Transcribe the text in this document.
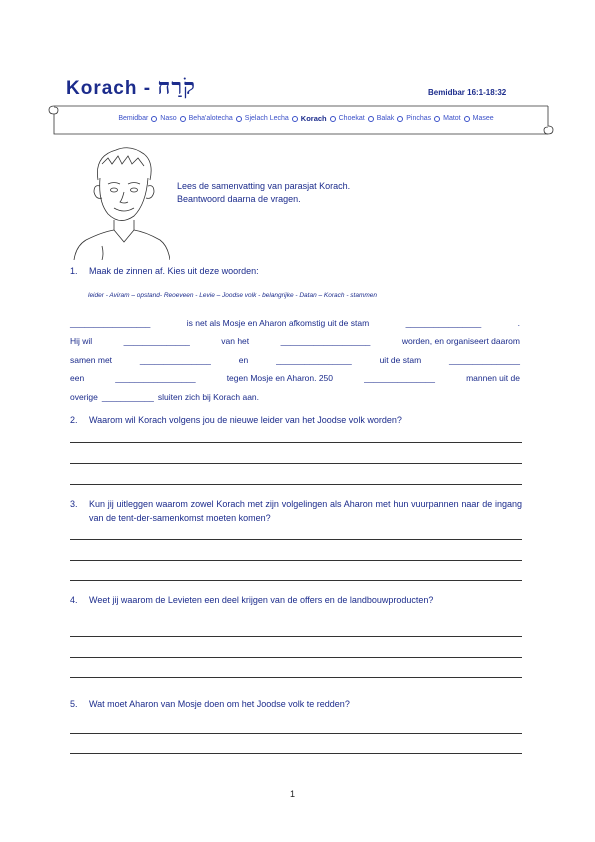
Korach - קֹרַח	Bemidbar 16:1-18:32
Bemidbar Naso Beha'alotecha Sjelach Lecha Korach Choekat Balak Pinchas Matot Masee
Lees de samenvatting van parasjat Korach.
Beantwoord daarna de vragen.
1. Maak de zinnen af. Kies uit deze woorden:
leider - Aviram – opstand- Reoeveen - Levie – Joodse volk - belangrijke - Datan – Korach - stammen
_________________	is net als Mosje en Aharon afkomstig uit de stam	________________	.
Hij wil	______________	van het	___________________	worden, en organiseert daarom
samen met	_______________	en	________________	uit de stam	_______________
een	_________________	tegen Mosje en Aharon. 250	_______________	mannen uit de
overige ___________ sluiten zich bij Korach aan.
2. Waarom wil Korach volgens jou de nieuwe leider van het Joodse volk worden?
3. Kun jij uitleggen waarom zowel Korach met zijn volgelingen als Aharon met hun vuurpannen naar de ingang van de tent-der-samenkomst moeten komen?
4. Weet jij waarom de Levieten een deel krijgen van de offers en de landbouwproducten?
5. Wat moet Aharon van Mosje doen om het Joodse volk te redden?
1
